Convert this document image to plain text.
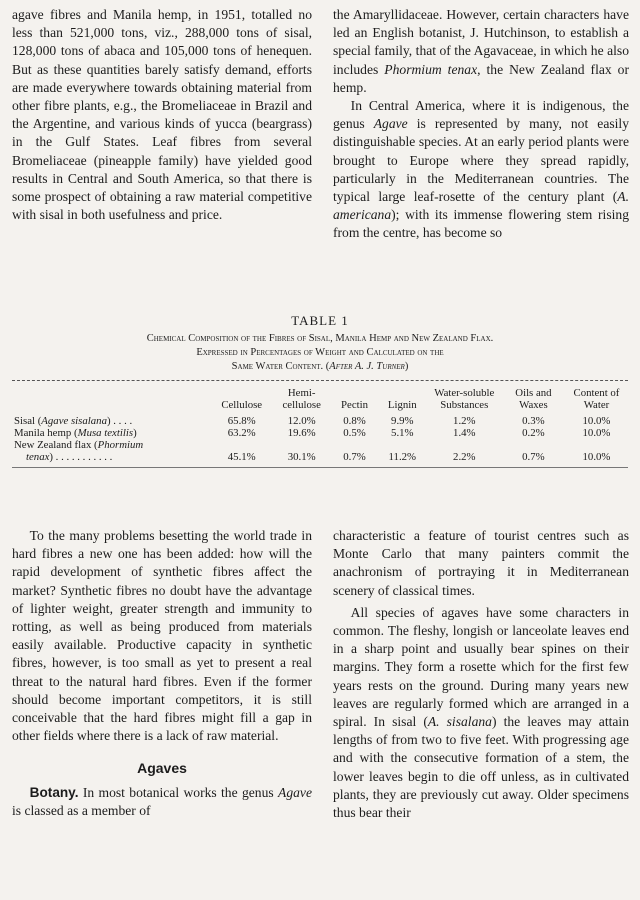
agave fibres and Manila hemp, in 1951, totalled no less than 521,000 tons, viz., 288,000 tons of sisal, 128,000 tons of abaca and 105,000 tons of henequen. But as these quantities barely satisfy demand, efforts are made everywhere towards obtaining material from other fibre plants, e.g., the Bromeliaceae in Brazil and the Argentine, and various kinds of yucca (beargrass) in the Gulf States. Leaf fibres from several Bromeliaceae (pineapple family) have yielded good results in Central and South America, so that there is some prospect of obtaining a raw material competitive with sisal in both usefulness and price.

the Amaryllidaceae. However, certain characters have led an English botanist, J. Hutchinson, to establish a special family, that of the Agavaceae, in which he also includes Phormium tenax, the New Zealand flax or hemp.

In Central America, where it is indigenous, the genus Agave is represented by many, not easily distinguishable species. At an early period plants were brought to Europe where they spread rapidly, particularly in the Mediterranean countries. The typical large leaf-rosette of the century plant (A. americana); with its immense flowering stem rising from the centre, has become so

TABLE 1

Chemical Composition of the Fibres of Sisal, Manila Hemp and New Zealand Flax.
Expressed in Percentages of Weight and Calculated on the
Same Water Content. (After A. J. Turner)

	Cellulose	Hemi-cellulose	Pectin	Lignin	Water-soluble Substances	Oils and Waxes	Content of Water
Sisal (Agave sisalana) . . . .	65.8%	12.0%	0.8%	9.9%	1.2%	0.3%	10.0%
Manila hemp (Musa textilis)	63.2%	19.6%	0.5%	5.1%	1.4%	0.2%	10.0%
New Zealand flax (Phormium							
tenax) . . . . . . . . . . .	45.1%	30.1%	0.7%	11.2%	2.2%	0.7%	10.0%

To the many problems besetting the world trade in hard fibres a new one has been added: how will the rapid development of synthetic fibres affect the market? Synthetic fibres no doubt have the advantage of lighter weight, greater strength and immunity to rotting, as well as being produced from materials easily available. Productive capacity in synthetic fibres, however, is too small as yet to present a real threat to the natural hard fibres. Even if the former should become important competitors, it is still conceivable that the hard fibres might fill a gap in other fields where there is a lack of raw material.

Agaves

Botany. In most botanical works the genus Agave is classed as a member of

characteristic a feature of tourist centres such as Monte Carlo that many painters commit the anachronism of portraying it in Mediterranean scenery of classical times.

All species of agaves have some characters in common. The fleshy, longish or lanceolate leaves end in a sharp point and usually bear spines on their margins. They form a rosette which for the first few years rests on the ground. During many years new leaves are regularly formed which are arranged in a spiral. In sisal (A. sisalana) the leaves may attain lengths of from two to five feet. With progressing age and with the consecutive formation of a stem, the lower leaves begin to die off unless, as in cultivated plants, they are previously cut away. Older specimens thus bear their
